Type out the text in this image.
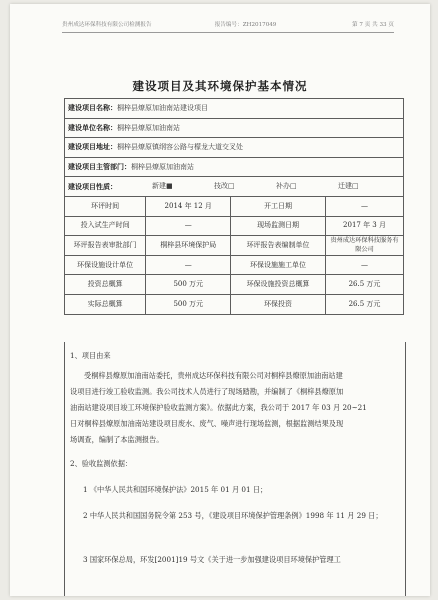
贵州成达环保科技有限公司检测报告	报告编号：ZH2017049	第 7 页 共 33 页
建设项目及其环境保护基本情况
建设项目名称：桐梓县燎原加油南站建设项目			
建设单位名称：桐梓县燎原加油南站			
建设项目地址：桐梓县燎原镇纲容公路与檬龙大道交叉处			
建设项目主管部门：桐梓县燎原加油南站			

建设项目性质： 新建■ 技改□ 补办□ 迁建□			

环评时间	2014 年 12 月	开工日期	—
投入试生产时间	—	现场监测日期	2017 年 3 月
环评报告表审批部门	桐梓县环境保护局	环评报告表编制单位	贵州成达环保科技服务有限公司
环保设施设计单位	—	环保设施施工单位	—
投资总概算	500 万元	环保设施投资总概算	26.5 万元
实际总概算	500 万元	环保投资	26.5 万元
1、项目由来
受桐梓县燎原加油南站委托，贵州成达环保科技有限公司对桐梓县燎原加油南站建
设项目进行竣工验收监测。我公司技术人员进行了现场踏勘，并编制了《桐梓县燎原加
油南站建设项目竣工环境保护验收监测方案》。依据此方案，我公司于 2017 年 03 月 20~21
日对桐梓县燎原加油南站建设项目废水、废气、噪声进行现场监测，根据监测结果及现
场调查，编制了本监测报告。
2、验收监测依据：
1 《中华人民共和国环境保护法》2015 年 01 月 01 日；
2 中华人民共和国国务院令第 253 号，《建设项目环境保护管理条例》1998 年 11 月 29 日；
3 国家环保总局，环发[2001]19 号文《关于进一步加强建设项目环境保护管理工
